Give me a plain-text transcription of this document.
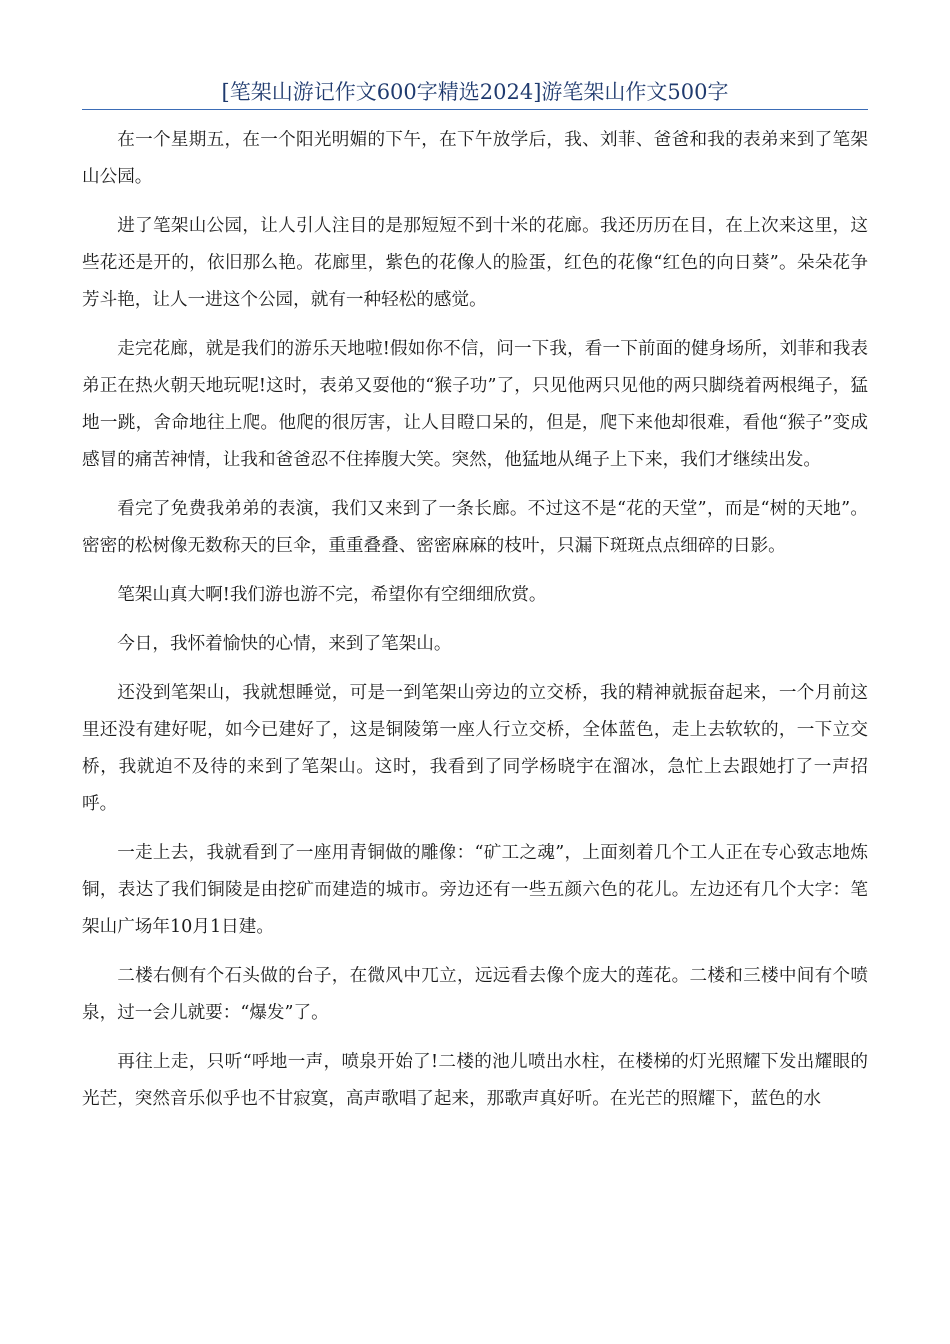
[笔架山游记作文600字精选2024]游笔架山作文500字

在一个星期五，在一个阳光明媚的下午，在下午放学后，我、刘菲、爸爸和我的表弟来到了笔架山公园。

进了笔架山公园，让人引人注目的是那短短不到十米的花廊。我还历历在目，在上次来这里，这些花还是开的，依旧那么艳。花廊里，紫色的花像人的脸蛋，红色的花像“红色的向日葵”。朵朵花争芳斗艳，让人一进这个公园，就有一种轻松的感觉。

走完花廊，就是我们的游乐天地啦!假如你不信，问一下我，看一下前面的健身场所，刘菲和我表弟正在热火朝天地玩呢!这时，表弟又耍他的“猴子功”了，只见他两只见他的两只脚绕着两根绳子，猛地一跳，舍命地往上爬。他爬的很厉害，让人目瞪口呆的，但是，爬下来他却很难，看他“猴子”变成感冒的痛苦神情，让我和爸爸忍不住捧腹大笑。突然，他猛地从绳子上下来，我们才继续出发。

看完了免费我弟弟的表演，我们又来到了一条长廊。不过这不是“花的天堂”，而是“树的天地”。密密的松树像无数称天的巨伞，重重叠叠、密密麻麻的枝叶，只漏下斑斑点点细碎的日影。

笔架山真大啊!我们游也游不完，希望你有空细细欣赏。

今日，我怀着愉快的心情，来到了笔架山。

还没到笔架山，我就想睡觉，可是一到笔架山旁边的立交桥，我的精神就振奋起来，一个月前这里还没有建好呢，如今已建好了，这是铜陵第一座人行立交桥，全体蓝色，走上去软软的，一下立交桥，我就迫不及待的来到了笔架山。这时，我看到了同学杨晓宇在溜冰，急忙上去跟她打了一声招呼。

一走上去，我就看到了一座用青铜做的雕像：“矿工之魂”，上面刻着几个工人正在专心致志地炼铜，表达了我们铜陵是由挖矿而建造的城市。旁边还有一些五颜六色的花儿。左边还有几个大字：笔架山广场年10月1日建。

二楼右侧有个石头做的台子，在微风中兀立，远远看去像个庞大的莲花。二楼和三楼中间有个喷泉，过一会儿就要：“爆发”了。

再往上走，只听“呼地一声，喷泉开始了!二楼的池儿喷出水柱，在楼梯的灯光照耀下发出耀眼的光芒，突然音乐似乎也不甘寂寞，高声歌唱了起来，那歌声真好听。在光芒的照耀下，蓝色的水
